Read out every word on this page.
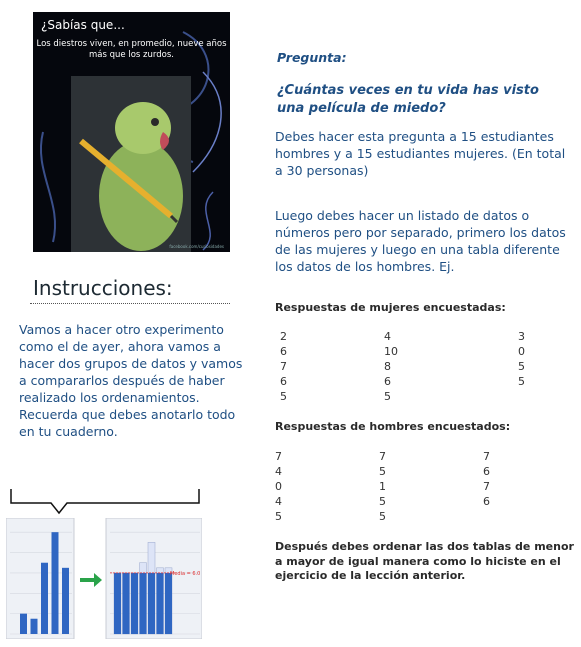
¿Sabías que...
Los diestros viven, en promedio, nueve años
más que los zurdos.
facebook.com/curiosidades
Instrucciones:
Vamos a hacer otro experimento como el de ayer, ahora vamos a hacer dos grupos de datos y vamos a compararlos después de haber realizado los ordenamientos. Recuerda que debes anotarlo todo en tu cuaderno.
Media = 6.0
Pregunta:
¿Cuántas veces en tu vida has visto una película de miedo?
Debes hacer esta pregunta a 15 estudiantes hombres y a 15 estudiantes mujeres. (En total a 30 personas)
Luego debes hacer un listado de datos o números pero por separado, primero los datos de las mujeres y luego en una tabla diferente los datos de los hombres. Ej.
Respuestas de mujeres encuestadas:
2	4	3
6	10	0
7	8	5
6	6	5
5	5
Respuestas de hombres encuestados:
7	7	7
4	5	6
0	1	7
4	5	6
5	5
Después debes ordenar las dos tablas de menor a mayor de igual manera como lo hiciste en el ejercicio de la lección anterior.
